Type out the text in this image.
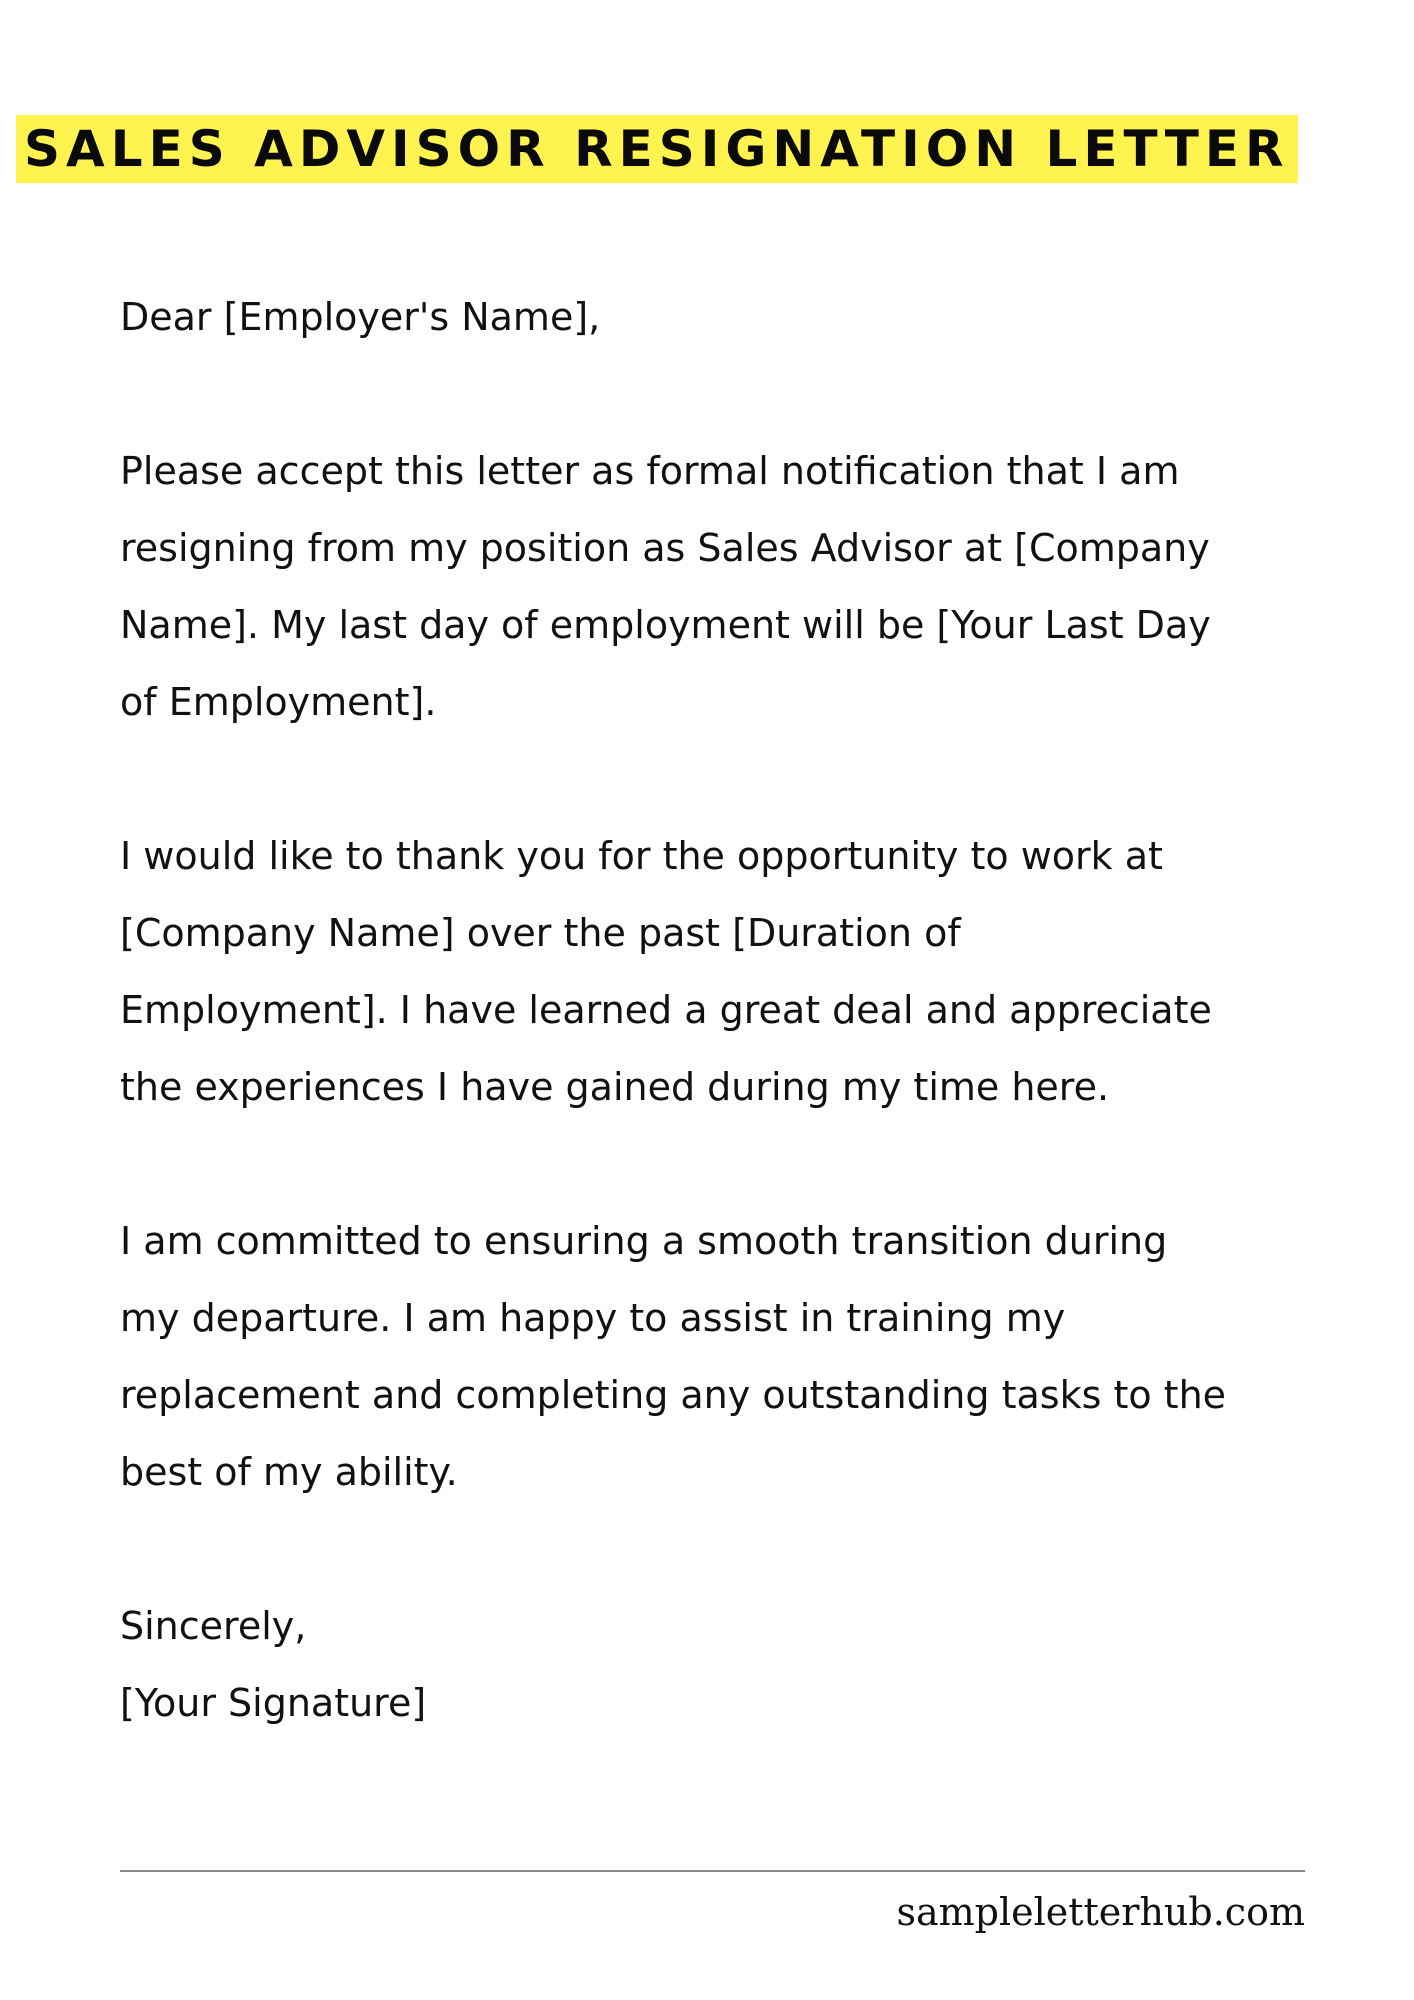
SALES ADVISOR RESIGNATION LETTER

Dear [Employer's Name],

Please accept this letter as formal notification that I am
resigning from my position as Sales Advisor at [Company
Name]. My last day of employment will be [Your Last Day
of Employment].

I would like to thank you for the opportunity to work at
[Company Name] over the past [Duration of
Employment]. I have learned a great deal and appreciate
the experiences I have gained during my time here.

I am committed to ensuring a smooth transition during
my departure. I am happy to assist in training my
replacement and completing any outstanding tasks to the
best of my ability.

Sincerely,
[Your Signature]
sampleletterhub.com
